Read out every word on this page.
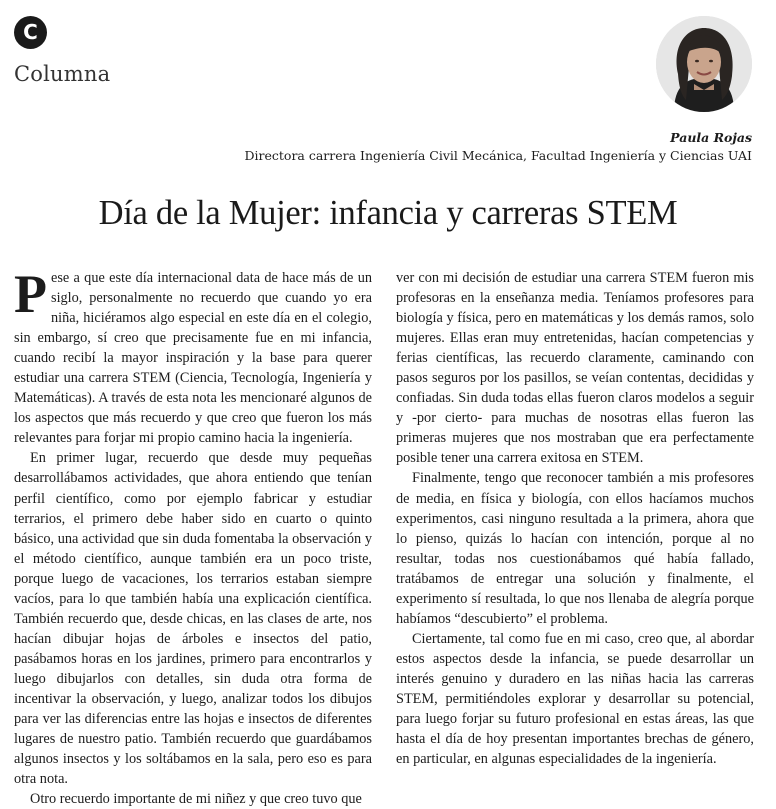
C
Columna
Paula Rojas
Directora carrera Ingeniería Civil Mecánica, Facultad Ingeniería y Ciencias UAI
Día de la Mujer: infancia y carreras STEM

Pese a que este día internacional data de hace más de un siglo, personalmente no recuerdo que cuando yo era niña, hiciéramos algo especial en este día en el colegio, sin embargo, sí creo que precisamente fue en mi infancia, cuando recibí la mayor inspiración y la base para querer estudiar una carrera STEM (Ciencia, Tecnología, Ingeniería y Matemáticas). A través de esta nota les mencionaré algunos de los aspectos que más recuerdo y que creo que fueron los más relevantes para forjar mi propio camino hacia la ingeniería.

En primer lugar, recuerdo que desde muy pequeñas desarrollábamos actividades, que ahora entiendo que tenían perfil científico, como por ejemplo fabricar y estudiar terrarios, el primero debe haber sido en cuarto o quinto básico, una actividad que sin duda fomentaba la observación y el método científico, aunque también era un poco triste, porque luego de vacaciones, los terrarios estaban siempre vacíos, para lo que también había una explicación científica. También recuerdo que, desde chicas, en las clases de arte, nos hacían dibujar hojas de árboles e insectos del patio, pasábamos horas en los jardines, primero para encontrarlos y luego dibujarlos con detalles, sin duda otra forma de incentivar la observación, y luego, analizar todos los dibujos para ver las diferencias entre las hojas e insectos de diferentes lugares de nuestro patio. También recuerdo que guardábamos algunos insectos y los soltábamos en la sala, pero eso es para otra nota.

Otro recuerdo importante de mi niñez y que creo tuvo que

ver con mi decisión de estudiar una carrera STEM fueron mis profesoras en la enseñanza media. Teníamos profesores para biología y física, pero en matemáticas y los demás ramos, solo mujeres. Ellas eran muy entretenidas, hacían competencias y ferias científicas, las recuerdo claramente, caminando con pasos seguros por los pasillos, se veían contentas, decididas y confiadas. Sin duda todas ellas fueron claros modelos a seguir y -por cierto- para muchas de nosotras ellas fueron las primeras mujeres que nos mostraban que era perfectamente posible tener una carrera exitosa en STEM.

Finalmente, tengo que reconocer también a mis profesores de media, en física y biología, con ellos hacíamos muchos experimentos, casi ninguno resultada a la primera, ahora que lo pienso, quizás lo hacían con intención, porque al no resultar, todas nos cuestionábamos qué había fallado, tratábamos de entregar una solución y finalmente, el experimento sí resultada, lo que nos llenaba de alegría porque habíamos “descubierto” el problema.

Ciertamente, tal como fue en mi caso, creo que, al abordar estos aspectos desde la infancia, se puede desarrollar un interés genuino y duradero en las niñas hacia las carreras STEM, permitiéndoles explorar y desarrollar su potencial, para luego forjar su futuro profesional en estas áreas, las que hasta el día de hoy presentan importantes brechas de género, en particular, en algunas especialidades de la ingeniería.
